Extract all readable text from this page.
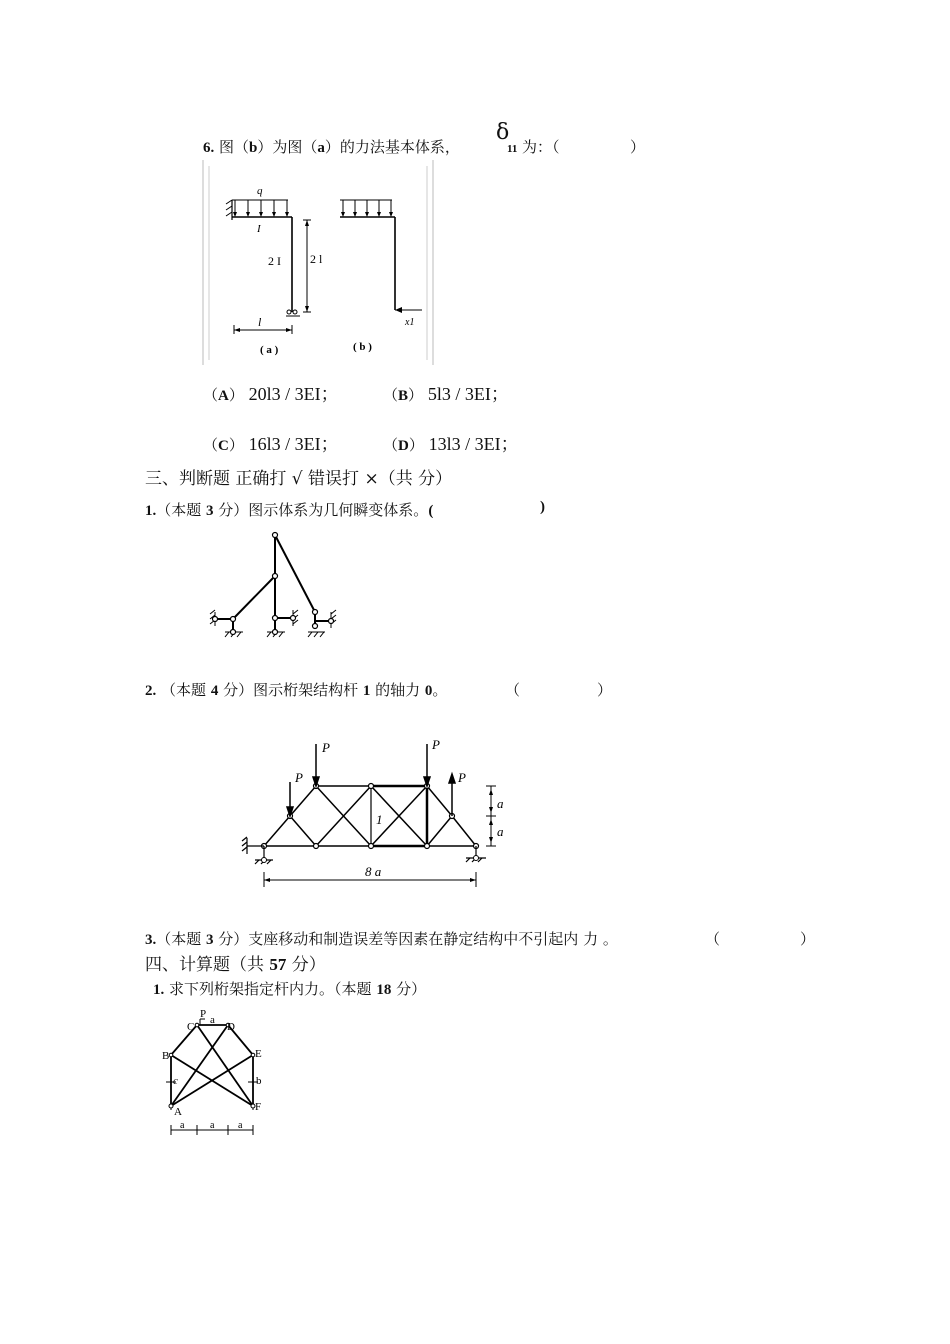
6. 图（b）为图（a）的力法基本体系，
δ
11 为：（	）
q
I
2 I 2 l
l
( a )
x1
( b )
（A） 20l3 / 3EI；	（B） 5l3 / 3EI；
（C） 16l3 / 3EI；	（D） 13l3 / 3EI；
三、判断题 正确打 √ 错误打 ×（共 分）
1.（本题 3 分）图示体系为几何瞬变体系。(	)
2. （本题 4 分）图示桁架结构杆 1 的轴力 0。	（	）
P
P	P
P
1
a
a
8 a
3.（本题 3 分）支座移动和制造误差等因素在静定结构中不引起内 力 。	（	）
四、计算题（共 57 分）
1. 求下列桁架指定杆内力。（本题 18 分）
P
C
a
D
B	E
c	b
A	F
a	a a
